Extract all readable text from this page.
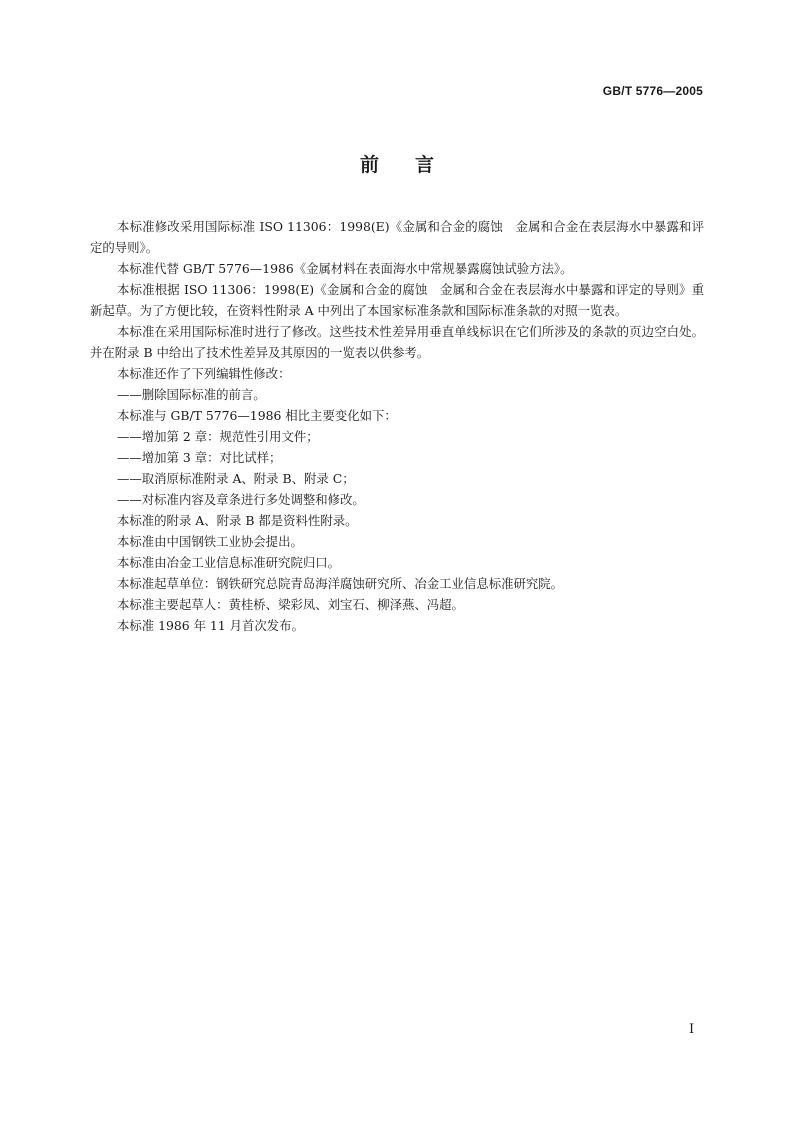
GB/T 5776—2005
前言

本标准修改采用国际标准 ISO 11306：1998(E)《金属和合金的腐蚀　金属和合金在表层海水中暴露和评定的导则》。

本标准代替 GB/T 5776—1986《金属材料在表面海水中常规暴露腐蚀试验方法》。

本标准根据 ISO 11306：1998(E)《金属和合金的腐蚀　金属和合金在表层海水中暴露和评定的导则》重新起草。为了方便比较，在资料性附录 A 中列出了本国家标准条款和国际标准条款的对照一览表。

本标准在采用国际标准时进行了修改。这些技术性差异用垂直单线标识在它们所涉及的条款的页边空白处。并在附录 B 中给出了技术性差异及其原因的一览表以供参考。

本标准还作了下列编辑性修改：

——删除国际标准的前言。

本标准与 GB/T 5776—1986 相比主要变化如下：

——增加第 2 章：规范性引用文件；

——增加第 3 章：对比试样；

——取消原标准附录 A、附录 B、附录 C；

——对标准内容及章条进行多处调整和修改。

本标准的附录 A、附录 B 都是资料性附录。

本标准由中国钢铁工业协会提出。

本标准由冶金工业信息标准研究院归口。

本标准起草单位：钢铁研究总院青岛海洋腐蚀研究所、冶金工业信息标准研究院。

本标准主要起草人：黄桂桥、梁彩凤、刘宝石、柳泽燕、冯超。

本标准 1986 年 11 月首次发布。

I
